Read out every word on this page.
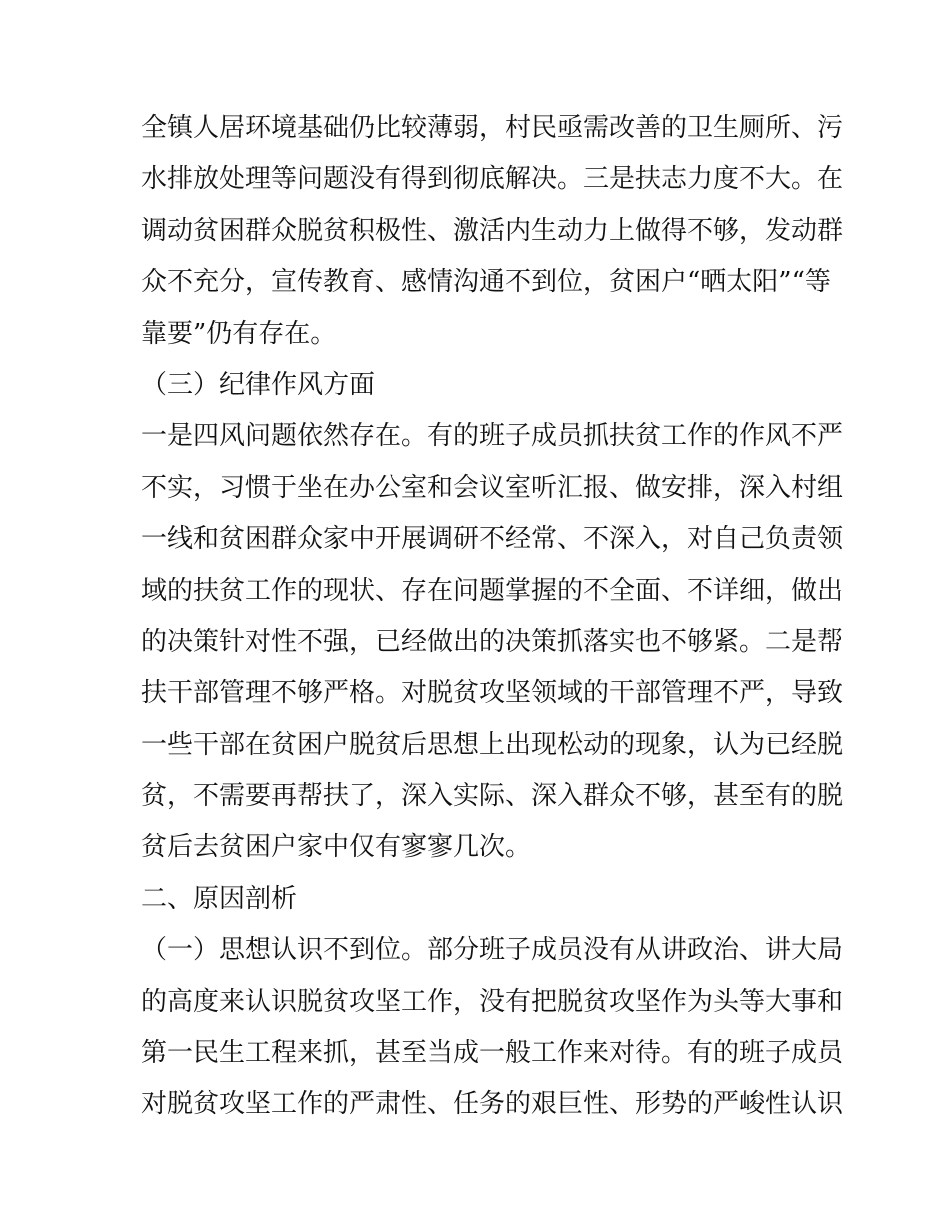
全镇人居环境基础仍比较薄弱，村民亟需改善的卫生厕所、污
水排放处理等问题没有得到彻底解决。三是扶志力度不大。在
调动贫困群众脱贫积极性、激活内生动力上做得不够，发动群
众不充分，宣传教育、感情沟通不到位，贫困户“晒太阳”“等
靠要”仍有存在。
（三）纪律作风方面
一是四风问题依然存在。有的班子成员抓扶贫工作的作风不严
不实，习惯于坐在办公室和会议室听汇报、做安排，深入村组
一线和贫困群众家中开展调研不经常、不深入，对自己负责领
域的扶贫工作的现状、存在问题掌握的不全面、不详细，做出
的决策针对性不强，已经做出的决策抓落实也不够紧。二是帮
扶干部管理不够严格。对脱贫攻坚领域的干部管理不严，导致
一些干部在贫困户脱贫后思想上出现松动的现象，认为已经脱
贫，不需要再帮扶了，深入实际、深入群众不够，甚至有的脱
贫后去贫困户家中仅有寥寥几次。
二、原因剖析
（一）思想认识不到位。部分班子成员没有从讲政治、讲大局
的高度来认识脱贫攻坚工作，没有把脱贫攻坚作为头等大事和
第一民生工程来抓，甚至当成一般工作来对待。有的班子成员
对脱贫攻坚工作的严肃性、任务的艰巨性、形势的严峻性认识
